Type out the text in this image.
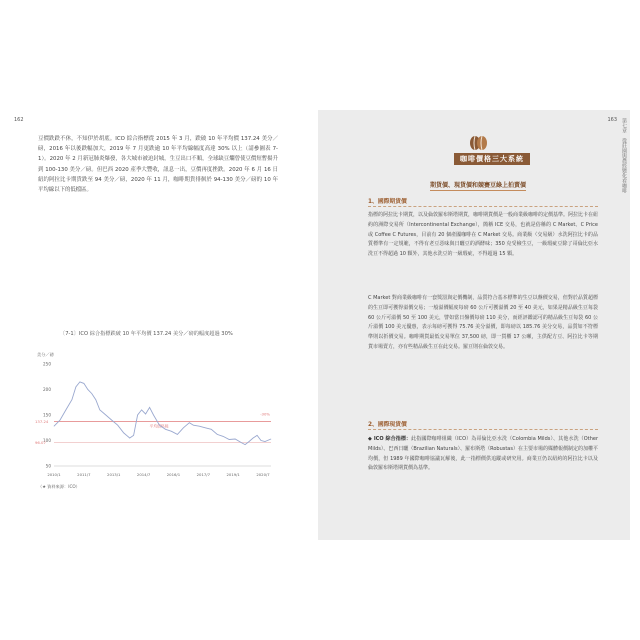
162
豆價跌跌不休，不知伊於胡底。ICO 綜合指標從 2015 年 3 月，跌破 10 年平均價 137.24 美分／磅，2016 年以後跌幅加大，2019 年 7 月更跌逾 10 年平均線幅度高達 30% 以上（請參圖表 7-1）。2020 年 2 月新冠肺炎爆發，各大城市被迫封城，生豆出口不順，全球缺豆爛曾使豆價短暫揚升到 100-130 美分／磅。但巴西 2020 產季大豐收，訊息一出，豆價再度挫跌。2020 年 6 月 16 日紐約阿拉比卡期貨跌至 94 美分／磅，2020 年 11 月，咖啡期貨徘徊於 94-130 美分／磅的 10 年平均線以下的低檔區。
〔7-1〕ICO 綜合指標跌破 10 年平均價 137.24 美分／磅的幅度超過 30%
美分／磅
50
100
150
200
250
2010/1	2011/7	2013/1	2014/7	2016/1	2017/7	2019/1	2020/7
137.24
96.07
平均價格線
-30%
（★ 資料來源：ICO）
163 第七章　從莊園與農經變化看咖啡
咖啡價格三大系統
期貨價、現貨價和競賽豆綠上拍賣價
1、國際期貨價
指標的阿拉比卡期貨，以及倫敦羅布斯塔期貨，咖啡期貨價是一般商業級咖啡的定價基準。阿拉比卡在紐約的洲際交易所（Intercontinental Exchange），簡稱 ICE 交易，也就是俗稱的 C Market、C Price 或 Coffee C Futures，目前有 20 個產國咖啡在 C Market 交易。商業級（交易級）水洗阿拉比卡的品質標準有一定規範，不得有老豆惡味與日曬豆的酒酵味；350 克受檢生豆，一級瑕疵豆除了哥倫比亞水洗豆不得超過 10 顆外，其他水洗豆的一級瑕疵，不得超過 15 顆。
C Market 對商業級咖啡有一套獎罰與定價機制，品質符合基本標準的生豆以盤價交易，但對於品質超標的生豆即可獲得溢價交易；一般溢價幅度每磅 60 公斤可獲溢價 20 至 40 美元，如果是精品級生豆每袋 60 公斤可溢價 50 至 100 美元，譬如當日盤價每磅 110 美分，而經評鑑認可的精品級生豆每袋 60 公斤溢價 100 美元優惠，表示每磅可獲得 75.76 美分溢價，即每磅以 185.76 美分交易，品質如不符標準則以折價交易。咖啡期貨最低交易單位 37,500 磅，即一貨櫃 17 公噸，主供配方豆、阿拉比卡等期貨市場賣方，亦有些精品級生豆在此交易。羅豆則在倫敦交易。
2、國際現貨價
◆ ICO 綜合指標：此指國際咖啡組織（ICO）為哥倫比亞水洗（Colombia Milds）、其他水洗（Other Milds）、巴西日曬（Brazilian Naturals）、羅布斯塔（Robustas）在主要市場的媒體報價制定的加權平均價，但 1989 年國際咖啡協議瓦解後，此一指標價供追蹤或研究用。商業豆仍以紐約的阿拉比卡以及倫敦羅布斯塔期貨價為基準。
